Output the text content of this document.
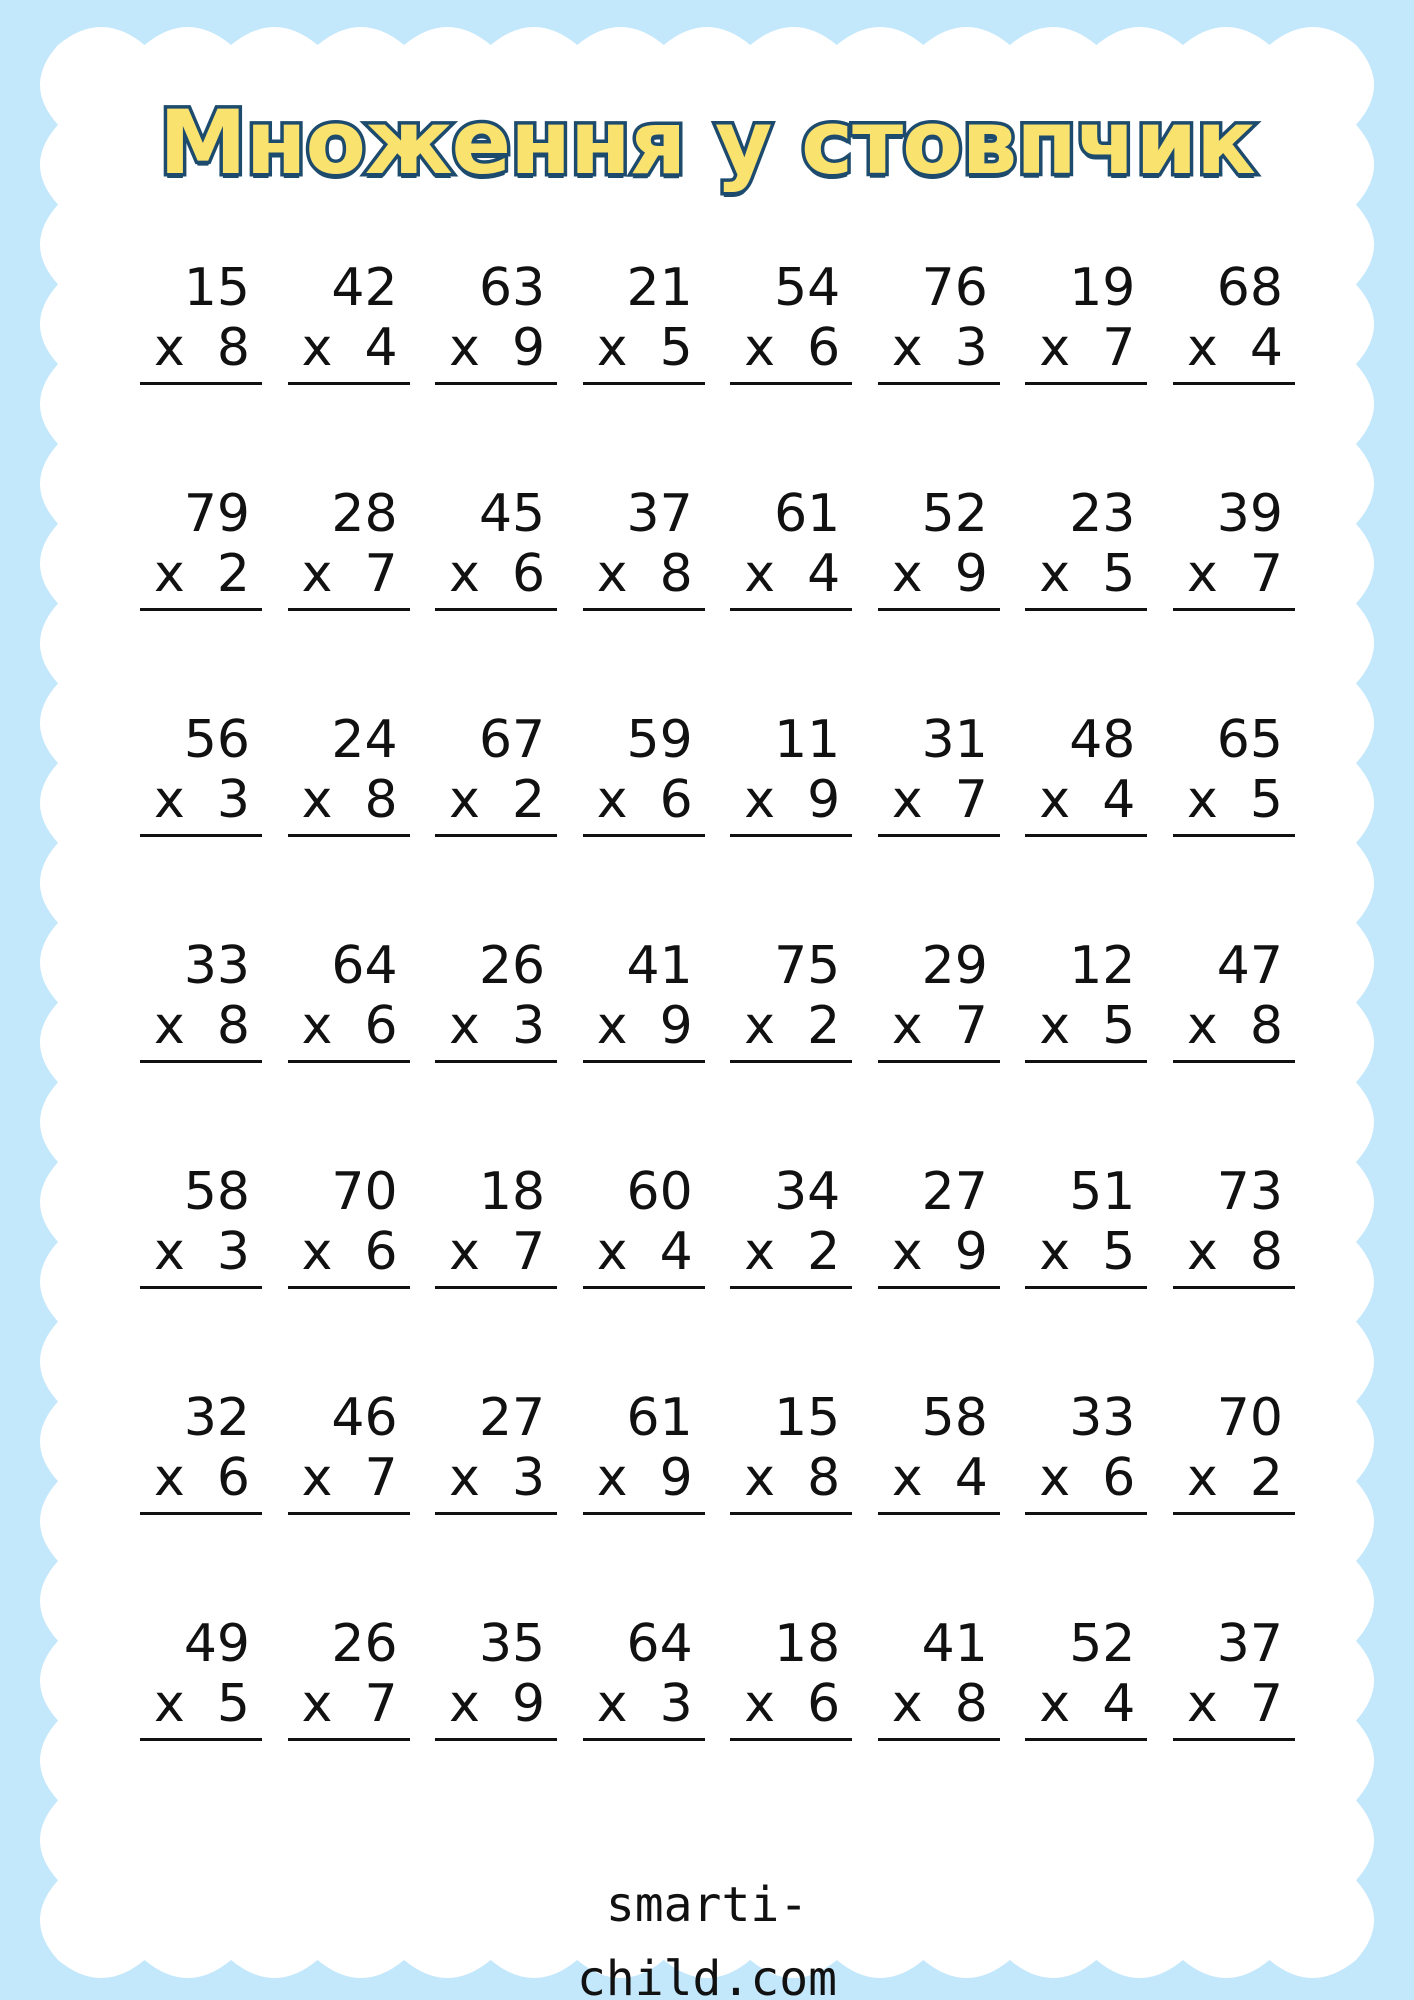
Множення у стовпчик
15
x 8
42
x 4
63
x 9
21
x 5
54
x 6
76
x 3
19
x 7
68
x 4
79
x 2
28
x 7
45
x 6
37
x 8
61
x 4
52
x 9
23
x 5
39
x 7
56
x 3
24
x 8
67
x 2
59
x 6
11
x 9
31
x 7
48
x 4
65
x 5
33
x 8
64
x 6
26
x 3
41
x 9
75
x 2
29
x 7
12
x 5
47
x 8
58
x 3
70
x 6
18
x 7
60
x 4
34
x 2
27
x 9
51
x 5
73
x 8
32
x 6
46
x 7
27
x 3
61
x 9
15
x 8
58
x 4
33
x 6
70
x 2
49
x 5
26
x 7
35
x 9
64
x 3
18
x 6
41
x 8
52
x 4
37
x 7
smarti-
child.com
